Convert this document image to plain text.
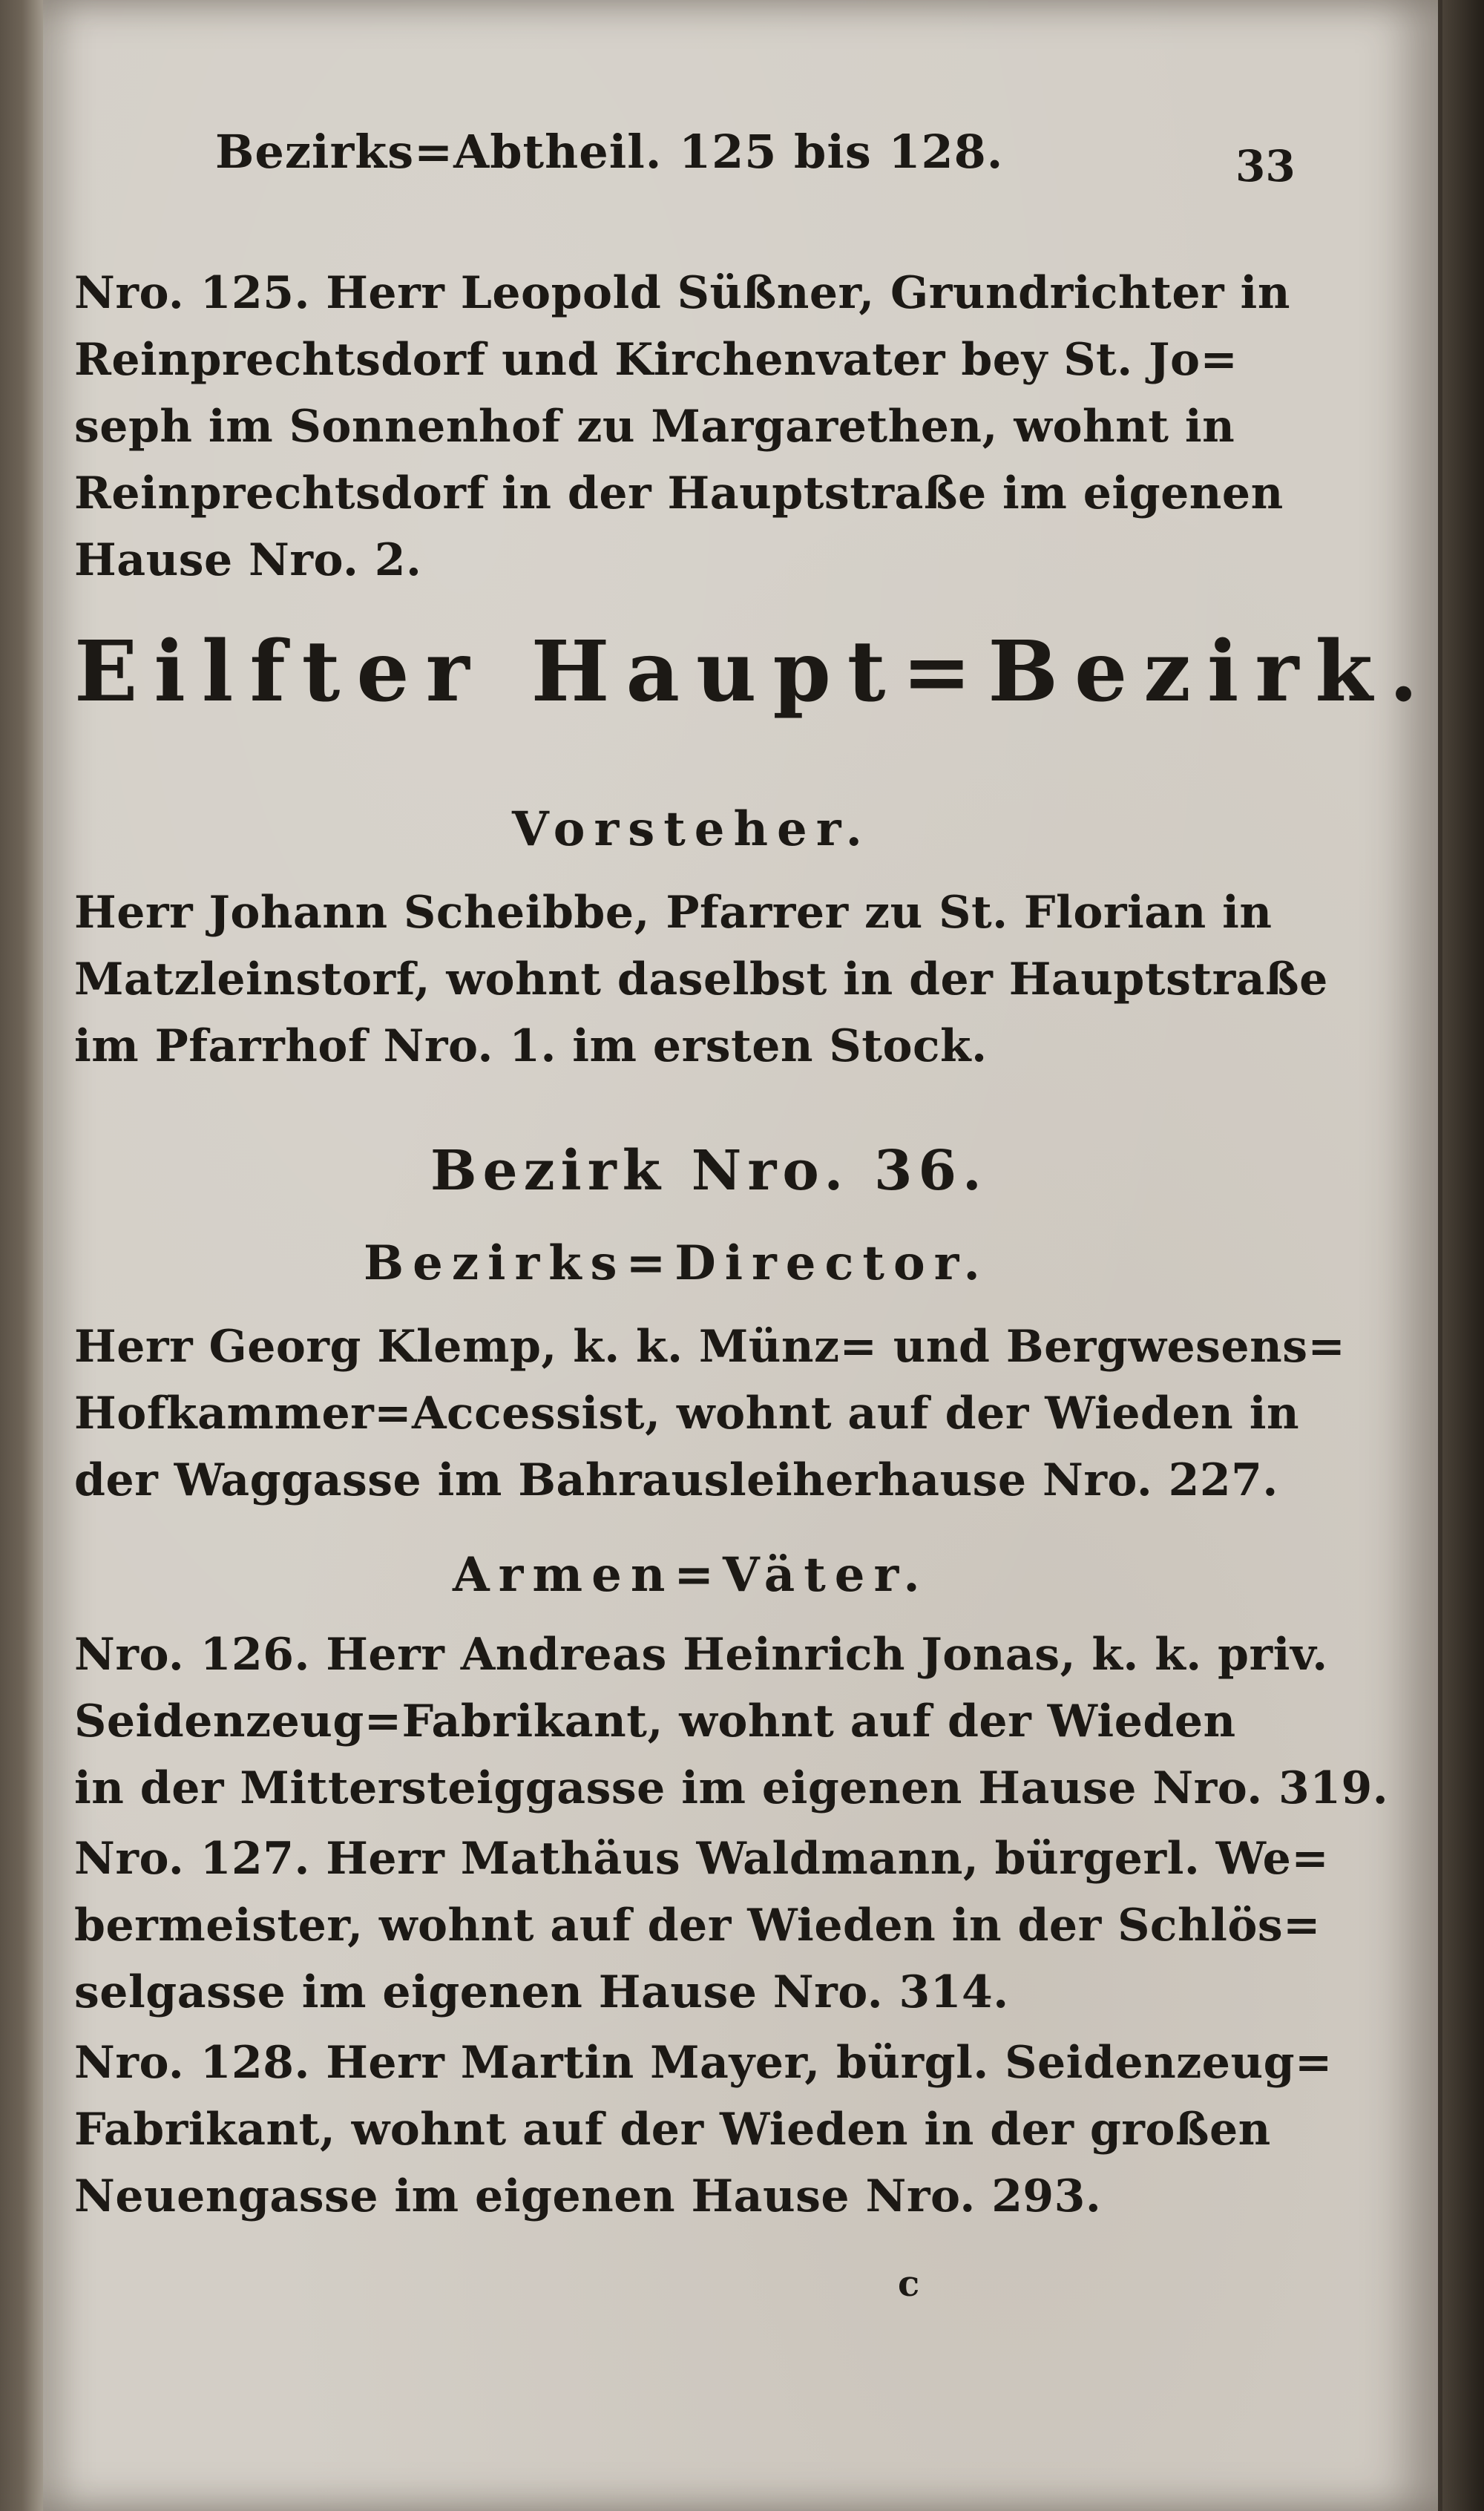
Bezirks=Abtheil. 125 bis 128.	33
Nro. 125. Herr Leopold Süßner, Grundrichter in
Reinprechtsdorf und Kirchenvater bey St. Jo=
seph im Sonnenhof zu Margarethen, wohnt in
Reinprechtsdorf in der Hauptstraße im eigenen
Hause Nro. 2.
Eilfter Haupt=Bezirk.
Vorsteher.
Herr Johann Scheibbe, Pfarrer zu St. Florian in
Matzleinstorf, wohnt daselbst in der Hauptstraße
im Pfarrhof Nro. 1. im ersten Stock.
Bezirk Nro. 36.
Bezirks=Director.
Herr Georg Klemp, k. k. Münz= und Bergwesens=
Hofkammer=Accessist, wohnt auf der Wieden in
der Waggasse im Bahrausleiherhause Nro. 227.
Armen=Väter.
Nro. 126. Herr Andreas Heinrich Jonas, k. k. priv.
Seidenzeug=Fabrikant, wohnt auf der Wieden
in der Mittersteiggasse im eigenen Hause Nro. 319.
Nro. 127. Herr Mathäus Waldmann, bürgerl. We=
bermeister, wohnt auf der Wieden in der Schlös=
selgasse im eigenen Hause Nro. 314.
Nro. 128. Herr Martin Mayer, bürgl. Seidenzeug=
Fabrikant, wohnt auf der Wieden in der großen
Neuengasse im eigenen Hause Nro. 293.
c
